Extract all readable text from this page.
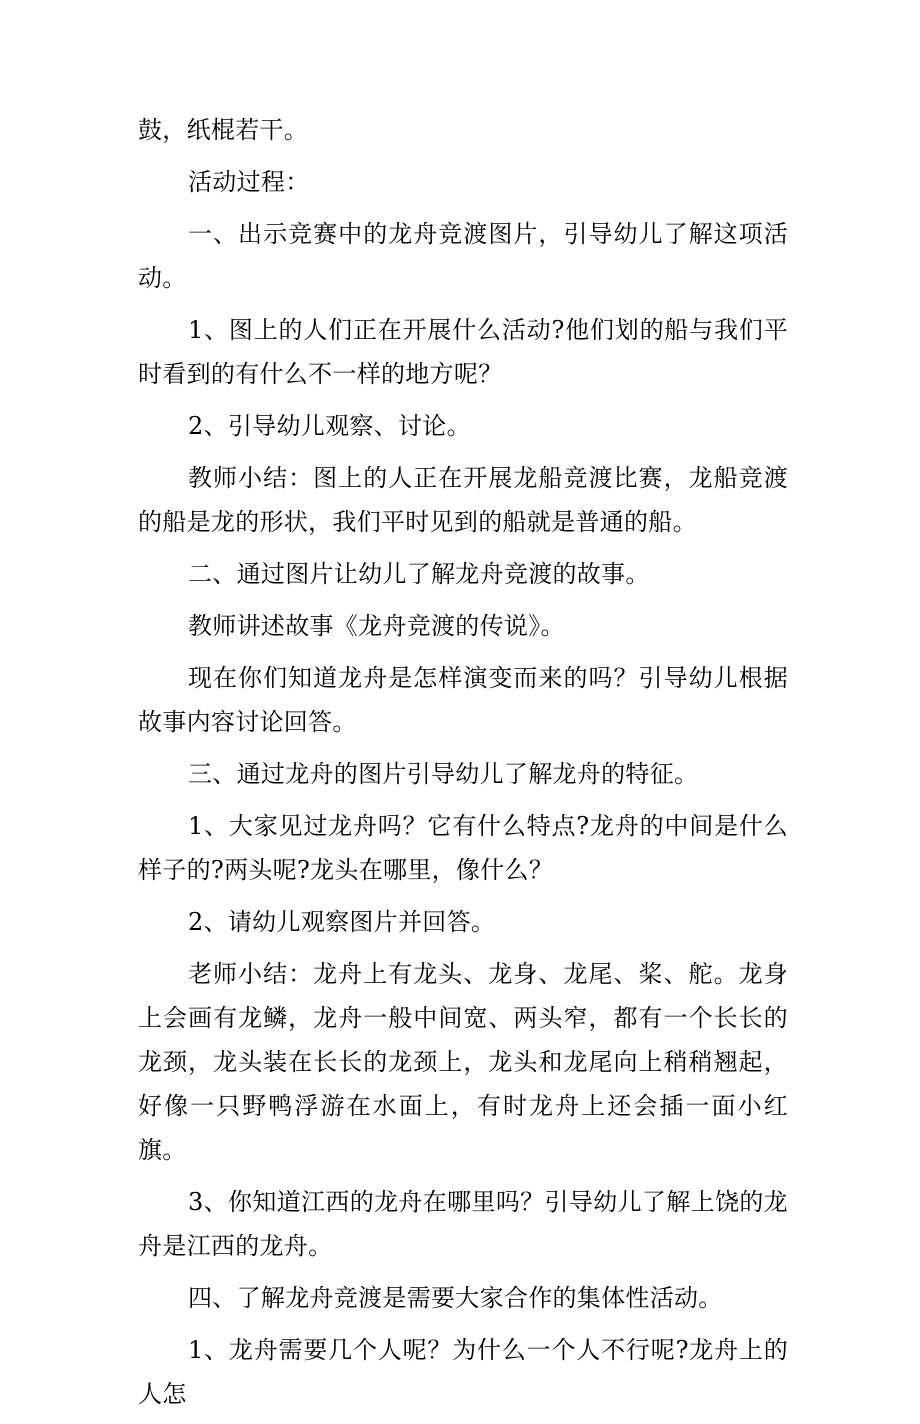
鼓，纸棍若干。

活动过程：

一、出示竞赛中的龙舟竞渡图片，引导幼儿了解这项活动。

1、图上的人们正在开展什么活动?他们划的船与我们平时看到的有什么不一样的地方呢？

2、引导幼儿观察、讨论。

教师小结：图上的人正在开展龙船竞渡比赛，龙船竞渡的船是龙的形状，我们平时见到的船就是普通的船。

二、通过图片让幼儿了解龙舟竞渡的故事。

教师讲述故事《龙舟竞渡的传说》。

现在你们知道龙舟是怎样演变而来的吗？引导幼儿根据故事内容讨论回答。

三、通过龙舟的图片引导幼儿了解龙舟的特征。

1、大家见过龙舟吗？它有什么特点?龙舟的中间是什么样子的?两头呢?龙头在哪里，像什么？

2、请幼儿观察图片并回答。

老师小结：龙舟上有龙头、龙身、龙尾、桨、舵。龙身上会画有龙鳞，龙舟一般中间宽、两头窄，都有一个长长的龙颈，龙头装在长长的龙颈上，龙头和龙尾向上稍稍翘起，好像一只野鸭浮游在水面上，有时龙舟上还会插一面小红旗。

3、你知道江西的龙舟在哪里吗？引导幼儿了解上饶的龙舟是江西的龙舟。

四、了解龙舟竞渡是需要大家合作的集体性活动。

1、龙舟需要几个人呢？为什么一个人不行呢?龙舟上的人怎
